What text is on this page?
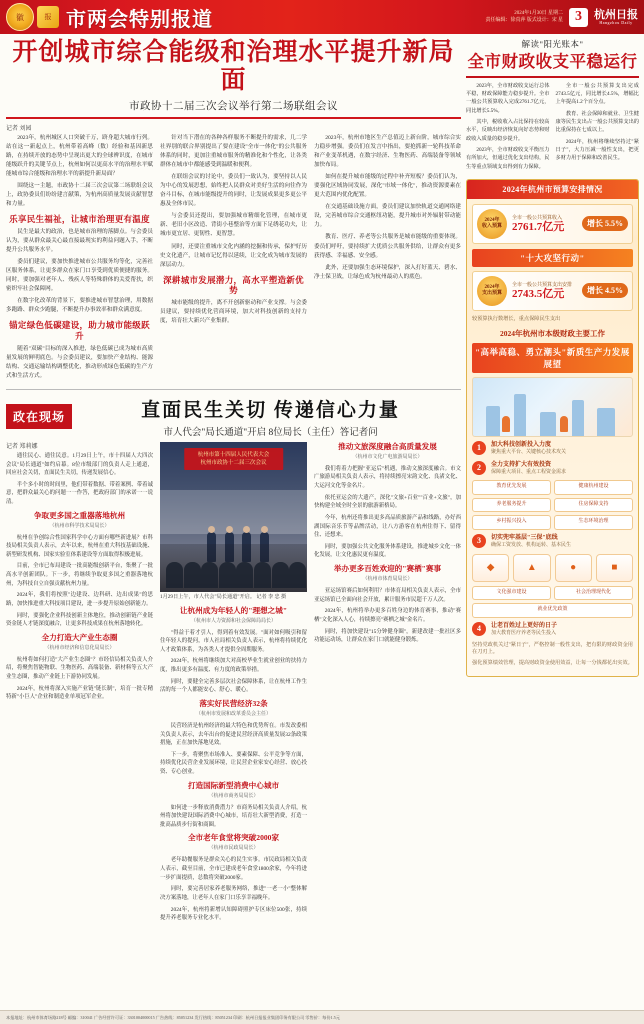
徽	报 市两会特别报道	2024年1月30日 星期二
责任编辑：徐真萍 版式设计：宋 星 3	杭州日报
Hangzhou Daily
开创城市综合能级和治理水平提升新局面
市政协十二届三次会议举行第二场联组会议
记者 刘园

2023年，杭州城区人口突破千万，跻身超大城市行列。站在这一新起点上，杭州带着高峰（数）经验和基因新思路，在持续开放的态势中呈现出更大的全球辨识度，在城市能级跃升的关键节点上，杭州如何以更高水平的治理水平赋能城市综合能级和治理水平的新提升新局面？

围绕这一主题，市政协十二届三次会议第二场联组会议上，政协委员们纷纷建言献策，为杭州高质量发展贡献智慧和力量。

乐享民生福祉，让城市治理更有温度

民生是最大的政治，也是城市治理的落脚点。与会委员认为，要从群众最关心最直接最现实的利益问题入手，不断提升公共服务水平。

委员们建议，要加快推进城市公共服务均等化，完善社区服务体系，让更多群众在家门口享受到优质便捷的服务。同时，要加强对老年人、残疾人等特殊群体的关爱帮扶，织密织牢社会保障网。

在数字化改革的背景下，要推进城市智慧治理，用数据多跑路、群众少跑腿，不断提升办事效率和群众满意度。

锚定绿色低碳建设，助力城市能级跃升

随着"双碳"目标的深入推进，绿色低碳已成为城市高质量发展的鲜明底色。与会委员建议，要加快产业结构、能源结构、交通运输结构调整优化，推动形成绿色低碳的生产方式和生活方式。

针对当下潜在的各种各样服务不断提升的需求，几二学社界别的联合界别提出了要在建设"全市一体化"的公共服务体系的同时，更加注重城市服务的精准化和个性化，让各类群体在城市中都能感受到温暖和便利。

在联组会议的讨论中，委员们一致认为，要坚持以人民为中心的发展思想，始终把人民群众对美好生活的向往作为奋斗目标，在城市能级提升的同时，让发展成果更多更公平惠及全体市民。

与会委员还提出，要加强城市精细化管理，在城市更新、老旧小区改造、背街小巷整治等方面下足绣花功夫，让城市更宜居、更韧性、更智慧。

同时，还要注重城市文化内涵的挖掘和传承，保护好历史文化遗产，让城市记忆得以延续，让文化成为城市发展的深层动力。

深耕城市发展潜力，高水平塑造新优势

城市能级的提升，离不开创新驱动和产业支撑。与会委员建议，要持续优化营商环境，加大对科技创新的支持力度，培育壮大新兴产业集群。

2023年，杭州市地区生产总值迈上新台阶，城市综合实力稳步增强。委员们在发言中指出，要抢抓新一轮科技革命和产业变革机遇，在数字经济、生物医药、高端装备等领域加快布局。

如何在提升城市能级的过程中补齐短板？委员们认为，要强化区域协同发展，深化"市域一体化"，推动资源要素在更大范围内优化配置。

在交通基础设施方面，委员们建议加快轨道交通网络建设，完善城市综合交通枢纽功能，提升城市对外辐射带动能力。

教育、医疗、养老等公共服务是城市能级的重要体现。委员们呼吁，要持续扩大优质公共服务供给，让群众有更多获得感、幸福感、安全感。

此外，还要加强生态环境保护，深入打好蓝天、碧水、净土保卫战，让绿色成为杭州最动人的底色。

政在现场	直面民生关切 传递信心力量
市人代会"局长通道"开启 8位局长（主任）答记者问
记者 郑莉娜

通往民心、通往民意。1月29日上午，市十四届人大四次会议"局长通道"如约启幕。8位市级部门的负责人走上通道，回应社会关切，直面民生关切，传递发展信心。

半个多小时的时间里，他们带着数据、带着案例、带着诚意，把群众最关心的问题一一作答，把政府部门的承诺一一说清。

争取更多国之重器落地杭州

（杭州市科学技术局局长）

杭州在争创综合性国家科学中心方面有哪些新进展？市科技局相关负责人表示，去年以来，杭州在重大科技基础设施、新型研发机构、国家实验室体系建设等方面取得积极进展。

目前，全市已布局建设一批高能级创新平台，集聚了一批高水平创新团队。下一步，将继续争取更多国之重器落地杭州，为科技自立自强贡献杭州力量。

2024年，我们将按照"边建设、边科研、边出成果"的思路，加快推进重大科技项目建设，进一步提升原始创新能力。

同时，要强化企业科技创新主体地位，推动创新链产业链资金链人才链深度融合，让更多科技成果在杭州落地转化。

全力打造大产业生态圈

（杭州市经济和信息化局局长）

杭州将如何打造"大产业生态圈"？市经信局相关负责人介绍，将聚焦智能物联、生物医药、高端装备、新材料等五大产业生态圈，推动产业链上下游协同发展。

2024年，杭州将深入实施产业链"链长制"，培育一批专精特新"小巨人"企业和制造业单项冠军企业。

杭州市第十四届人民代表大会
杭州市政协十二届三次会议
1月29日上午，市人代会"局长通道"开启。 记者 李 忠 摄
让杭州成为年轻人的"理想之城"

（杭州市人力资源和社会保障局局长）

"得益于着才引人，得到着有效发展。"面对如何吸引和留住年轻人的提问，市人社局相关负责人表示，杭州将持续优化人才政策体系，为各类人才提供全周期服务。

2024年，杭州将继续加大对高校毕业生就业创业的扶持力度，推出更多有温度、有力度的政策举措。

同时，要健全完善多层次社会保障体系，让在杭州工作生活的每一个人都能安心、舒心、暖心。

落实好民营经济32条

（杭州市发展和改革委员会主任）

民营经济是杭州经济的最大特色和优势所在。市发改委相关负责人表示，去年出台的促进民营经济高质量发展32条政策措施，正在加快落地见效。

下一步，将聚焦市场准入、要素保障、公平竞争等方面，持续优化民营企业发展环境，让民营企业家安心经营、放心投资、专心创业。

打造国际新型消费中心城市

（杭州市商务局局长）

如何进一步释放消费潜力？市商务局相关负责人介绍，杭州将加快建设国际消费中心城市，培育壮大新型消费，打造一批高品质步行街和商圈。

全市老年食堂将突破2000家

（杭州市民政局局长）

老年助餐服务是群众关心的民生实事。市民政局相关负责人表示，截至目前，全市已建成老年食堂1800余家，今年将进一步扩面提质，总数将突破2000家。

同时，要完善居家养老服务网络，推进"一老一小"整体解决方案落地，让老年人在家门口乐享幸福晚年。

2024年，杭州将新增认知障碍照护专区床位500张，持续提升养老服务专业化水平。

推动文旅深度融合高质量发展

（杭州市文化广电旅游局局长）

我们将着力把握"亚运后"机遇，推动文旅深度融合。市文广旅游局相关负责人表示，将持续擦亮宋韵文化、良渚文化、大运河文化等金名片。

依托亚运会的大遗产，深化"文旅+百业""百业+文旅"，加快构建全域全时全景的旅游新格局。

今年，杭州还将推出更多高品质旅游产品和线路，办好西湖国际音乐节等品牌活动，让八方游客在杭州住得下、留得住、还想来。

同时，要加强公共文化服务体系建设，推进城乡文化一体化发展，让文化惠民更有温度。

举办更多百姓欢迎的"赛栖"赛事

（杭州市体育局局长）

亚运场馆赛后如何利用？市体育局相关负责人表示，全市亚运场馆已全面向社会开放，累计服务市民超千万人次。

2024年，杭州将举办更多百姓身边的体育赛事，推动"赛栖"文化深入人心，持续擦亮"赛栖之城"金名片。

同时，将加快建设"15分钟健身圈"，新建改建一批社区多功能运动场，让群众在家门口就能健身锻炼。

解读"阳光账本"
全市财政收支平稳运行

2023年，全市财政收支运行总体平稳，财政保障能力稳步提升。全市一般公共预算收入完成2761.7亿元，同比增长5.5%。

其中，税收收入占比保持在较高水平，反映出经济恢复向好态势和财政收入质量的稳步提升。

2023年，全市财政收支平衡压力有所加大，但通过优化支出结构，民生等重点领域支出得到有力保障。

全市一般公共预算支出完成2743.5亿元，同比增长4.5%，增幅比上年提高1.2个百分点。

教育、社会保障和就业、卫生健康等民生支出占一般公共预算支出的比重保持在七成以上。

2024年，杭州将继续坚持过"紧日子"，大力压减一般性支出，把更多财力用于保障和改善民生。

2024年杭州市预算安排情况
2024年
收入预算
全市一般公共预算收入
2761.7亿元	增长 5.5%
"十大攻坚行动"
2024年
支出预算
全市一般公共预算支出安排
2743.5亿元	增长 4.5%
较预算执行数增长，重点保障民生支出
2024年杭州市本级财政主要工作
"高举高稳、勇立潮头"新质生产力发展展望
1	加大科技创新投入力度
聚焦重大平台、关键核心技术攻关
2	全力支持扩大有效投资
保障重大项目、重点工程资金需求
教育优先发展	健康杭州建设
养老服务提升	住房保障支持
乡村振兴投入	生态环境治理
3	切实兜牢基层"三保"底线
确保工资发放、机构运转、基本民生
◆	▲	●	■
文化强市建设	社会治理现代化
就业优先政策
4	让老百姓过上更好的日子
加大教育医疗养老等民生投入
坚持党政机关过"紧日子"，严格控制一般性支出，把有限的财政资金用在刀刃上。
强化预算绩效管理，提高财政资金使用效益，让每一分钱都花出实效。
本报地址：杭州市体育场路218号 邮编：310041 广告经营许可证：3301004000015 广告热线：85051234 发行热线：85051234 印刷：杭州日报报业集团印务有限公司 零售价：每份1.5元
